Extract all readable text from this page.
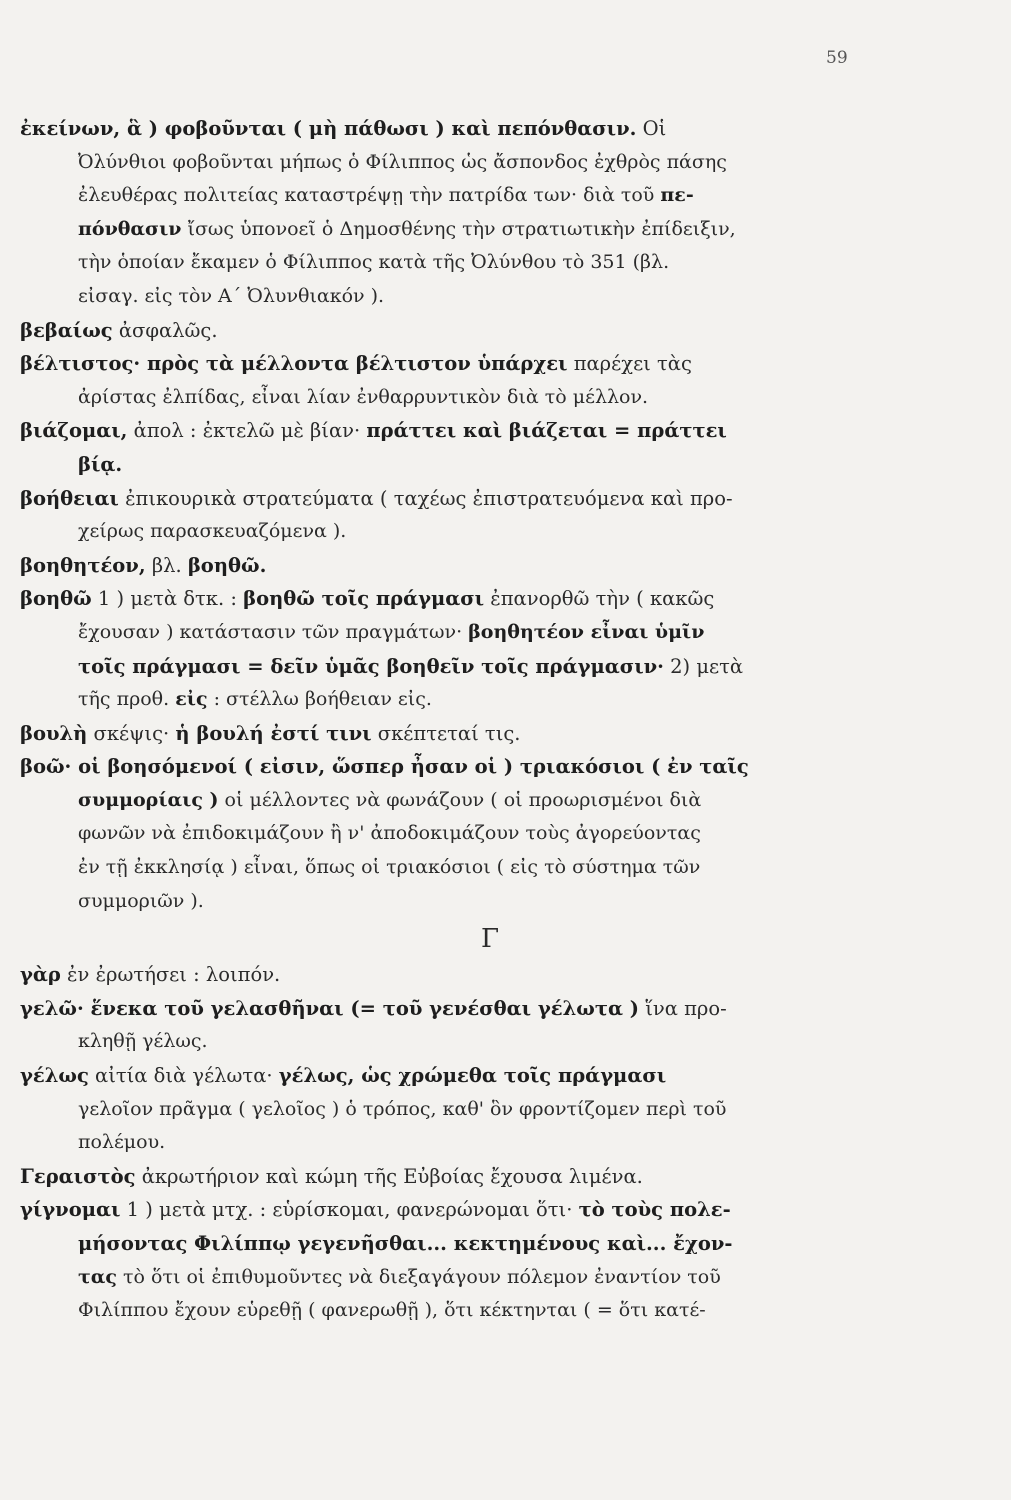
59
ἐκείνων, ἃ ) φοβοῦνται ( μὴ πάθωσι ) καὶ πεπόνθασιν. Οἱ
Ὀλύνθιοι φοβοῦνται μήπως ὁ Φίλιππος ὡς ἄσπονδος ἐχθρὸς πάσης
ἐλευθέρας πολιτείας καταστρέψῃ τὴν πατρίδα των· διὰ τοῦ πε-
πόνθασιν ἴσως ὑπονοεῖ ὁ Δημοσθένης τὴν στρατιωτικὴν ἐπίδειξιν,
τὴν ὁποίαν ἔκαμεν ὁ Φίλιππος κατὰ τῆς Ὀλύνθου τὸ 351 (βλ.
εἰσαγ. εἰς τὸν Α΄ Ὀλυνθιακόν ).
βεβαίως ἀσφαλῶς.
βέλτιστος· πρὸς τὰ μέλλοντα βέλτιστον ὑπάρχει παρέχει τὰς
ἀρίστας ἐλπίδας, εἶναι λίαν ἐνθαρρυντικὸν διὰ τὸ μέλλον.
βιάζομαι, ἀπολ : ἐκτελῶ μὲ βίαν· πράττει καὶ βιάζεται = πράττει
βίᾳ.
βοήθειαι ἐπικουρικὰ στρατεύματα ( ταχέως ἐπιστρατευόμενα καὶ προ-
χείρως παρασκευαζόμενα ).
βοηθητέον, βλ. βοηθῶ.
βοηθῶ 1 ) μετὰ δτκ. : βοηθῶ τοῖς πράγμασι ἐπανορθῶ τὴν ( κακῶς
ἔχουσαν ) κατάστασιν τῶν πραγμάτων· βοηθητέον εἶναι ὑμῖν
τοῖς πράγμασι = δεῖν ὑμᾶς βοηθεῖν τοῖς πράγμασιν· 2) μετὰ
τῆς προθ. εἰς : στέλλω βοήθειαν εἰς.
βουλὴ σκέψις· ἡ βουλή ἐστί τινι σκέπτεταί τις.
βοῶ· οἱ βοησόμενοί ( εἰσιν, ὥσπερ ἦσαν οἱ ) τριακόσιοι ( ἐν ταῖς
συμμορίαις ) οἱ μέλλοντες νὰ φωνάζουν ( οἱ προωρισμένοι διὰ
φωνῶν νὰ ἐπιδοκιμάζουν ἢ ν' ἀποδοκιμάζουν τοὺς ἀγορεύοντας
ἐν τῇ ἐκκλησίᾳ ) εἶναι, ὅπως οἱ τριακόσιοι ( εἰς τὸ σύστημα τῶν
συμμοριῶν ).
Γ
γὰρ ἐν ἐρωτήσει : λοιπόν.
γελῶ· ἕνεκα τοῦ γελασθῆναι (= τοῦ γενέσθαι γέλωτα ) ἵνα προ-
κληθῇ γέλως.
γέλως αἰτία διὰ γέλωτα· γέλως, ὡς χρώμεθα τοῖς πράγμασι
γελοῖον πρᾶγμα ( γελοῖος ) ὁ τρόπος, καθ' ὃν φροντίζομεν περὶ τοῦ
πολέμου.
Γεραιστὸς ἀκρωτήριον καὶ κώμη τῆς Εὐβοίας ἔχουσα λιμένα.
γίγνομαι 1 ) μετὰ μτχ. : εὑρίσκομαι, φανερώνομαι ὅτι· τὸ τοὺς πολε-
μήσοντας Φιλίππῳ γεγενῆσθαι... κεκτημένους καὶ... ἔχον-
τας τὸ ὅτι οἱ ἐπιθυμοῦντες νὰ διεξαγάγουν πόλεμον ἐναντίον τοῦ
Φιλίππου ἔχουν εὑρεθῇ ( φανερωθῇ ), ὅτι κέκτηνται ( = ὅτι κατέ-
